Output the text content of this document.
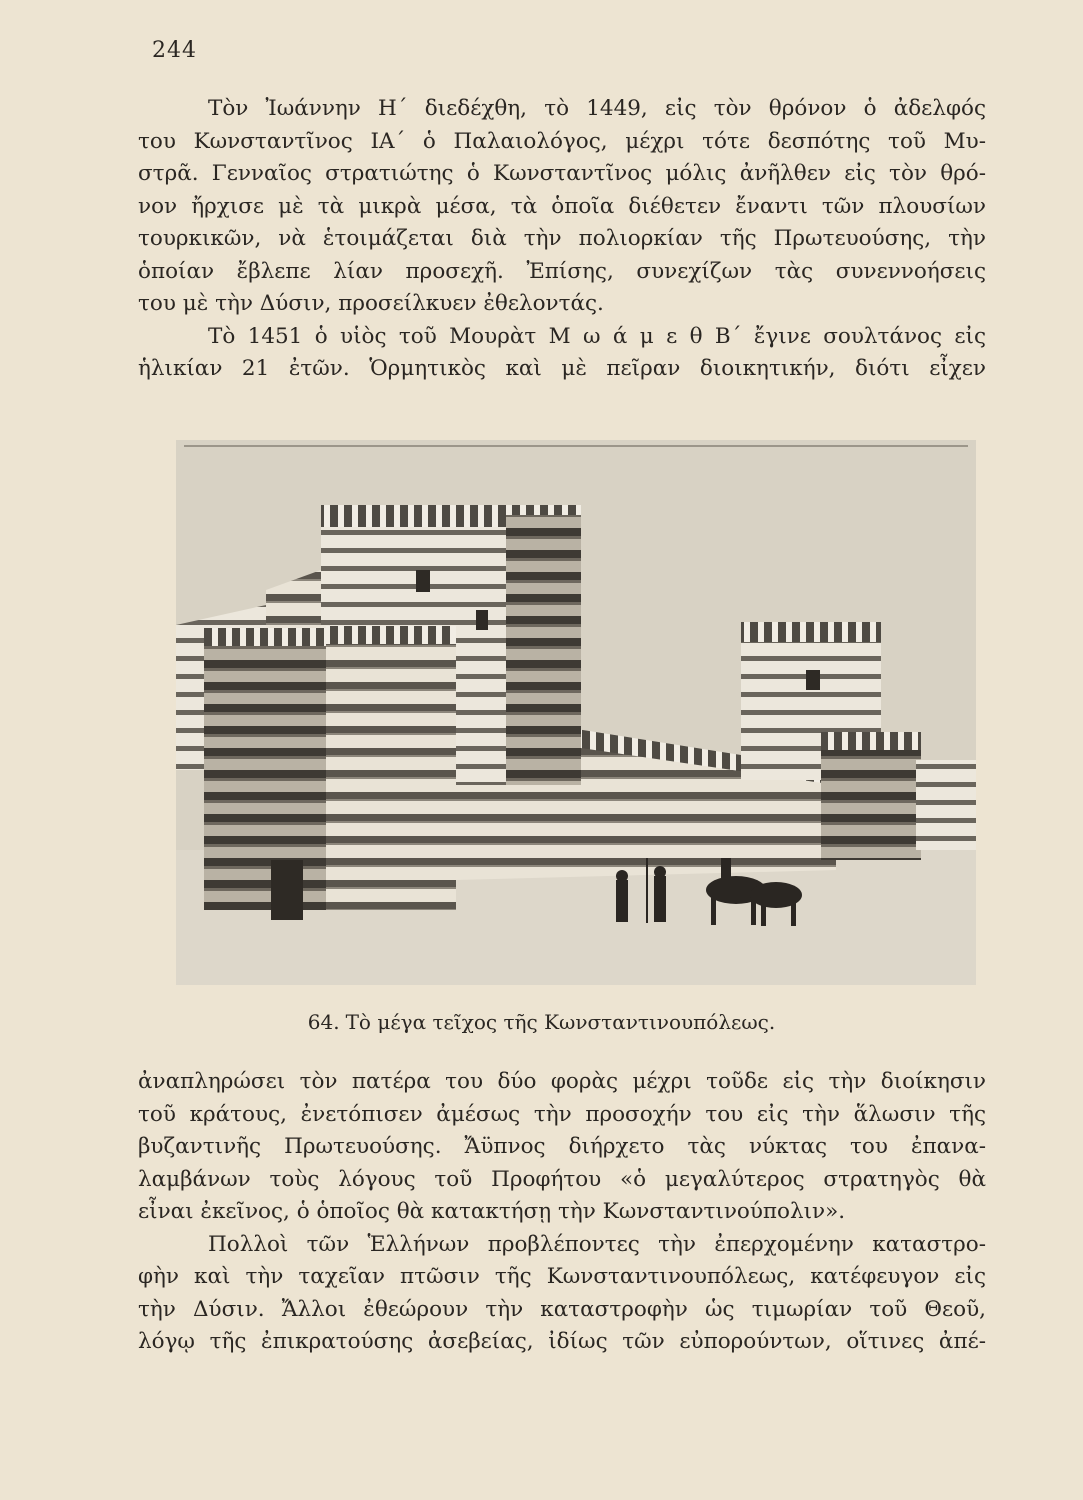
244
Τὸν Ἰωάννην Η΄ διεδέχθη, τὸ 1449, εἰς τὸν θρόνον ὁ ἀδελφός
του Κωνσταντῖνος ΙΑ΄ ὁ Παλαιολόγος, μέχρι τότε δεσπότης τοῦ Μυ-
στρᾶ. Γενναῖος στρατιώτης ὁ Κωνσταντῖνος μόλις ἀνῆλθεν εἰς τὸν θρό-
νον ἤρχισε μὲ τὰ μικρὰ μέσα, τὰ ὁποῖα διέθετεν ἔναντι τῶν πλουσίων
τουρκικῶν, νὰ ἑτοιμάζεται διὰ τὴν πολιορκίαν τῆς Πρωτευούσης, τὴν
ὁποίαν ἔβλεπε λίαν προσεχῆ. Ἐπίσης, συνεχίζων τὰς συνεννοήσεις
του μὲ τὴν Δύσιν, προσείλκυεν ἐθελοντάς.
Τὸ 1451 ὁ υἱὸς τοῦ Μουρὰτ Μ ω ά μ ε θ Β΄ ἔγινε σουλτάνος εἰς
ἡλικίαν 21 ἐτῶν. Ὁρμητικὸς καὶ μὲ πεῖραν διοικητικήν, διότι εἶχεν
64. Τὸ μέγα τεῖχος τῆς Κωνσταντινουπόλεως.
ἀναπληρώσει τὸν πατέρα του δύο φορὰς μέχρι τοῦδε εἰς τὴν διοίκησιν
τοῦ κράτους, ἐνετόπισεν ἀμέσως τὴν προσοχήν του εἰς τὴν ἅλωσιν τῆς
βυζαντινῆς Πρωτευούσης. Ἄϋπνος διήρχετο τὰς νύκτας του ἐπανα-
λαμβάνων τοὺς λόγους τοῦ Προφήτου «ὁ μεγαλύτερος στρατηγὸς θὰ
εἶναι ἐκεῖνος, ὁ ὁποῖος θὰ κατακτήσῃ τὴν Κωνσταντινούπολιν».
Πολλοὶ τῶν Ἑλλήνων προβλέποντες τὴν ἐπερχομένην καταστρο-
φὴν καὶ τὴν ταχεῖαν πτῶσιν τῆς Κωνσταντινουπόλεως, κατέφευγον εἰς
τὴν Δύσιν. Ἄλλοι ἐθεώρουν τὴν καταστροφὴν ὡς τιμωρίαν τοῦ Θεοῦ,
λόγῳ τῆς ἐπικρατούσης ἀσεβείας, ἰδίως τῶν εὐπορούντων, οἵτινες ἀπέ-
